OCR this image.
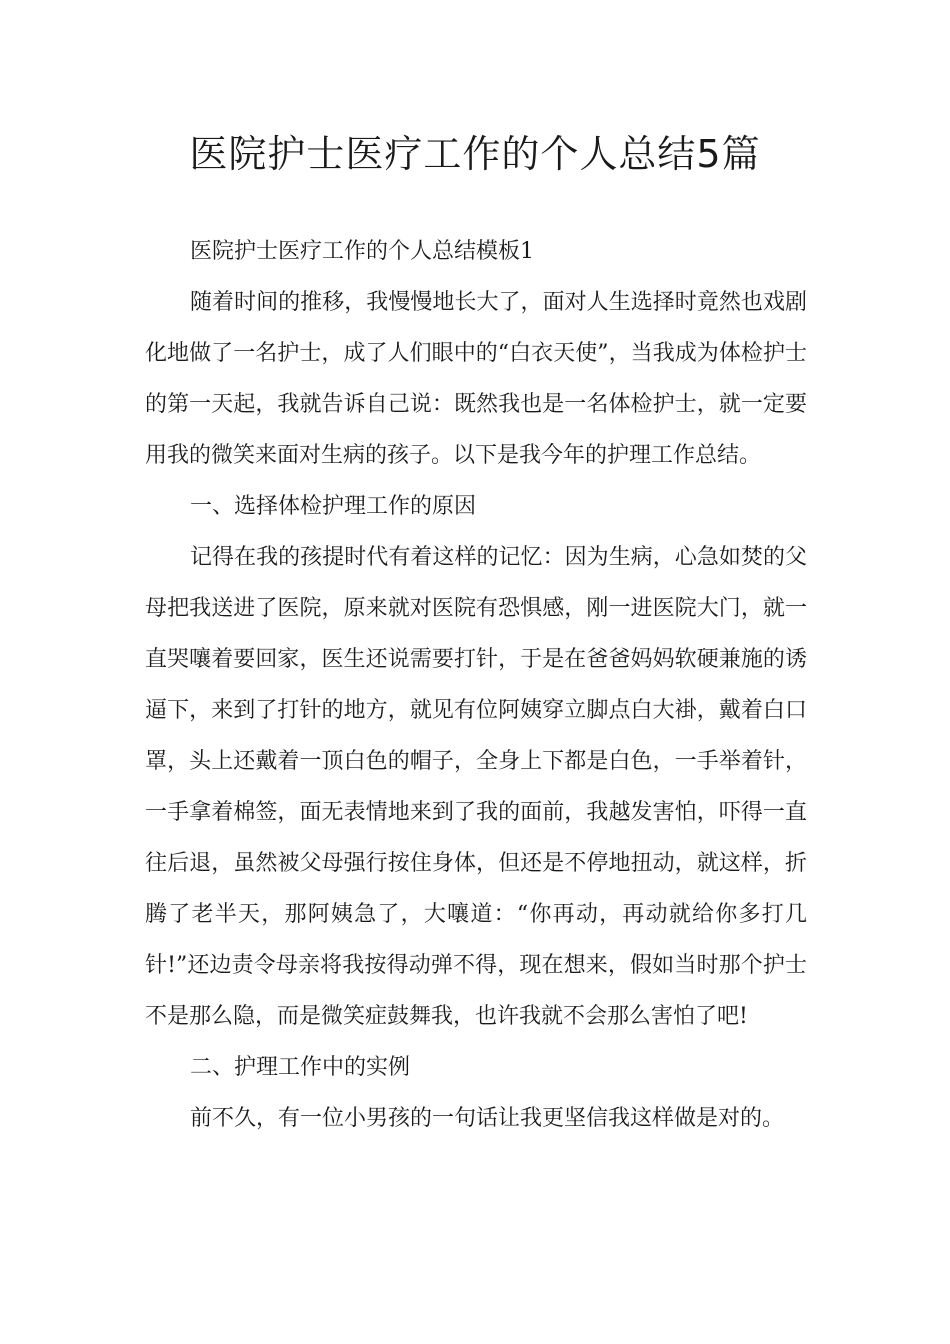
医院护士医疗工作的个人总结5篇

医院护士医疗工作的个人总结模板1

随着时间的推移，我慢慢地长大了，面对人生选择时竟然也戏剧化地做了一名护士，成了人们眼中的“白衣天使”，当我成为体检护士的第一天起，我就告诉自己说：既然我也是一名体检护士，就一定要用我的微笑来面对生病的孩子。以下是我今年的护理工作总结。

一、选择体检护理工作的原因

记得在我的孩提时代有着这样的记忆：因为生病，心急如焚的父母把我送进了医院，原来就对医院有恐惧感，刚一进医院大门，就一直哭嚷着要回家，医生还说需要打针，于是在爸爸妈妈软硬兼施的诱逼下，来到了打针的地方，就见有位阿姨穿立脚点白大褂，戴着白口罩，头上还戴着一顶白色的帽子，全身上下都是白色，一手举着针，一手拿着棉签，面无表情地来到了我的面前，我越发害怕，吓得一直往后退，虽然被父母强行按住身体，但还是不停地扭动，就这样，折腾了老半天，那阿姨急了，大嚷道：“你再动，再动就给你多打几针!”还边责令母亲将我按得动弹不得，现在想来，假如当时那个护士不是那么隐，而是微笑症鼓舞我，也许我就不会那么害怕了吧!

二、护理工作中的实例

前不久，有一位小男孩的一句话让我更坚信我这样做是对的。
